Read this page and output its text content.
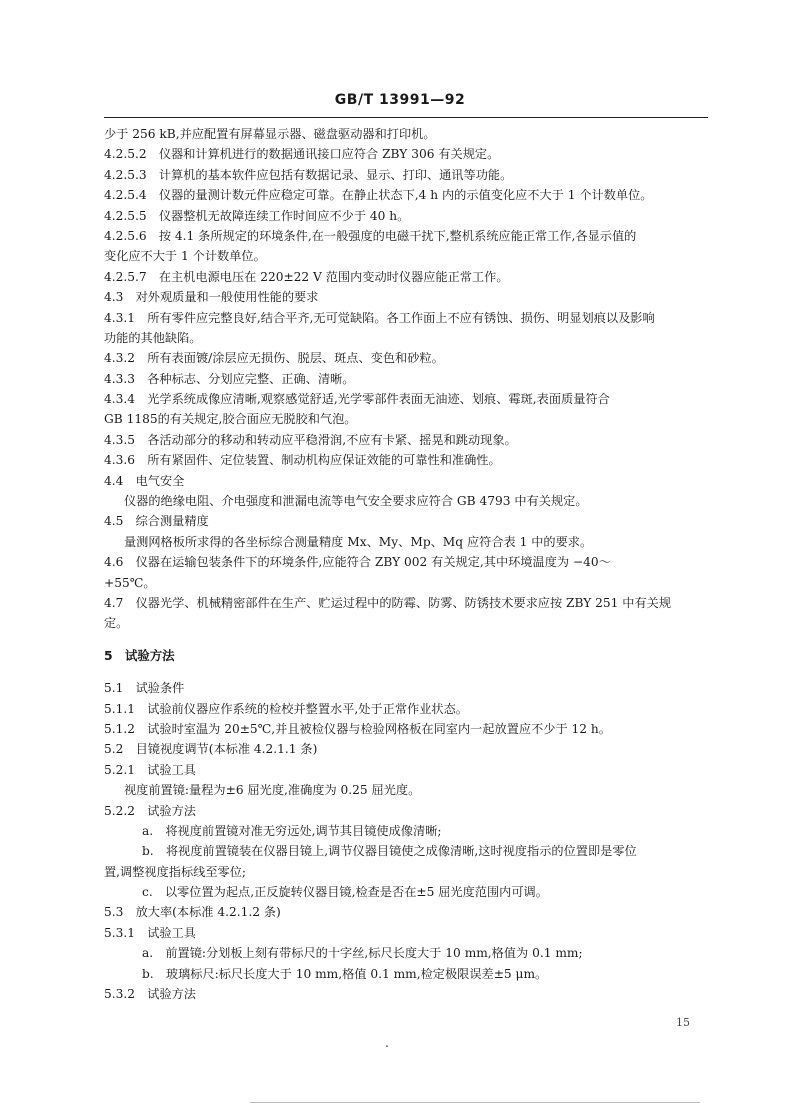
GB/T 13991—92
少于 256 kB,并应配置有屏幕显示器、磁盘驱动器和打印机。
4.2.5.2　仪器和计算机进行的数据通讯接口应符合 ZBY 306 有关规定。
4.2.5.3　计算机的基本软件应包括有数据记录、显示、打印、通讯等功能。
4.2.5.4　仪器的量测计数元件应稳定可靠。在静止状态下,4 h 内的示值变化应不大于 1 个计数单位。
4.2.5.5　仪器整机无故障连续工作时间应不少于 40 h。
4.2.5.6　按 4.1 条所规定的环境条件,在一般强度的电磁干扰下,整机系统应能正常工作,各显示值的
变化应不大于 1 个计数单位。
4.2.5.7　在主机电源电压在 220±22 V 范围内变动时仪器应能正常工作。
4.3　对外观质量和一般使用性能的要求
4.3.1　所有零件应完整良好,结合平齐,无可觉缺陷。各工作面上不应有锈蚀、损伤、明显划痕以及影响
功能的其他缺陷。
4.3.2　所有表面镀/涂层应无损伤、脱层、斑点、变色和砂粒。
4.3.3　各种标志、分划应完整、正确、清晰。
4.3.4　光学系统成像应清晰,观察感觉舒适,光学零部件表面无油迹、划痕、霉斑,表面质量符合
GB 1185的有关规定,胶合面应无脱胶和气泡。
4.3.5　各活动部分的移动和转动应平稳滑润,不应有卡紧、摇晃和跳动现象。
4.3.6　所有紧固件、定位装置、制动机构应保证效能的可靠性和准确性。
4.4　电气安全
仪器的绝缘电阻、介电强度和泄漏电流等电气安全要求应符合 GB 4793 中有关规定。
4.5　综合测量精度
量测网格板所求得的各坐标综合测量精度 Mx、My、Mp、Mq 应符合表 1 中的要求。
4.6　仪器在运输包装条件下的环境条件,应能符合 ZBY 002 有关规定,其中环境温度为 −40～
+55℃。
4.7　仪器光学、机械精密部件在生产、贮运过程中的防霉、防雾、防锈技术要求应按 ZBY 251 中有关规
定。
5　试验方法
5.1　试验条件
5.1.1　试验前仪器应作系统的检校并整置水平,处于正常作业状态。
5.1.2　试验时室温为 20±5℃,并且被检仪器与检验网格板在同室内一起放置应不少于 12 h。
5.2　目镜视度调节(本标准 4.2.1.1 条)
5.2.1　试验工具
视度前置镜:量程为±6 屈光度,准确度为 0.25 屈光度。
5.2.2　试验方法
a.　将视度前置镜对准无穷远处,调节其目镜使成像清晰;
b.　将视度前置镜装在仪器目镜上,调节仪器目镜使之成像清晰,这时视度指示的位置即是零位
置,调整视度指标线至零位;
c.　以零位置为起点,正反旋转仪器目镜,检查是否在±5 屈光度范围内可调。
5.3　放大率(本标准 4.2.1.2 条)
5.3.1　试验工具
a.　前置镜:分划板上刻有带标尺的十字丝,标尺长度大于 10 mm,格值为 0.1 mm;
b.　玻璃标尺:标尺长度大于 10 mm,格值 0.1 mm,检定极限误差±5 μm。
5.3.2　试验方法
15
.
